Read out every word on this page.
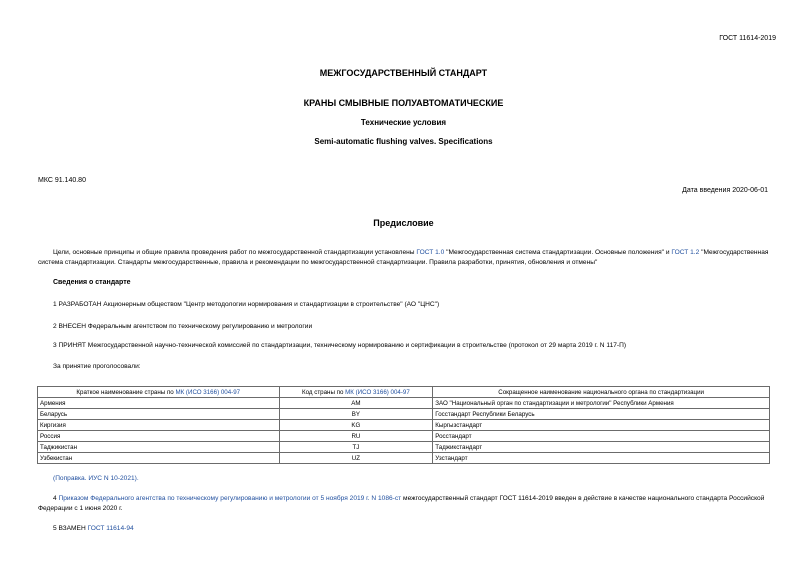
ГОСТ 11614-2019
МЕЖГОСУДАРСТВЕННЫЙ СТАНДАРТ
КРАНЫ СМЫВНЫЕ ПОЛУАВТОМАТИЧЕСКИЕ
Технические условия
Semi-automatic flushing valves. Specifications
МКС 91.140.80
Дата введения 2020-06-01
Предисловие
Цели, основные принципы и общие правила проведения работ по межгосударственной стандартизации установлены ГОСТ 1.0 "Межгосударственная система стандартизации. Основные положения" и ГОСТ 1.2 "Межгосударственная система стандартизации. Стандарты межгосударственные, правила и рекомендации по межгосударственной стандартизации. Правила разработки, принятия, обновления и отмены"
Сведения о стандарте
1 РАЗРАБОТАН Акционерным обществом "Центр методологии нормирования и стандартизации в строительстве" (АО "ЦНС")
2 ВНЕСЕН Федеральным агентством по техническому регулированию и метрологии
3 ПРИНЯТ Межгосударственной научно-технической комиссией по стандартизации, техническому нормированию и сертификации в строительстве (протокол от 29 марта 2019 г. N 117-П)
За принятие проголосовали:
Краткое наименование страны по МК (ИСО 3166) 004-97	Код страны по МК (ИСО 3166) 004-97	Сокращенное наименование национального органа по стандартизации
Армения	AM	ЗАО "Национальный орган по стандартизации и метрологии" Республики Армения
Беларусь	BY	Госстандарт Республики Беларусь
Киргизия	KG	Кыргызстандарт
Россия	RU	Росстандарт
Таджикистан	TJ	Таджикстандарт
Узбекистан	UZ	Узстандарт
(Поправка. ИУС N 10-2021).
4 Приказом Федерального агентства по техническому регулированию и метрологии от 5 ноября 2019 г. N 1086-ст межгосударственный стандарт ГОСТ 11614-2019 введен в действие в качестве национального стандарта Российской Федерации с 1 июня 2020 г.
5 ВЗАМЕН ГОСТ 11614-94
